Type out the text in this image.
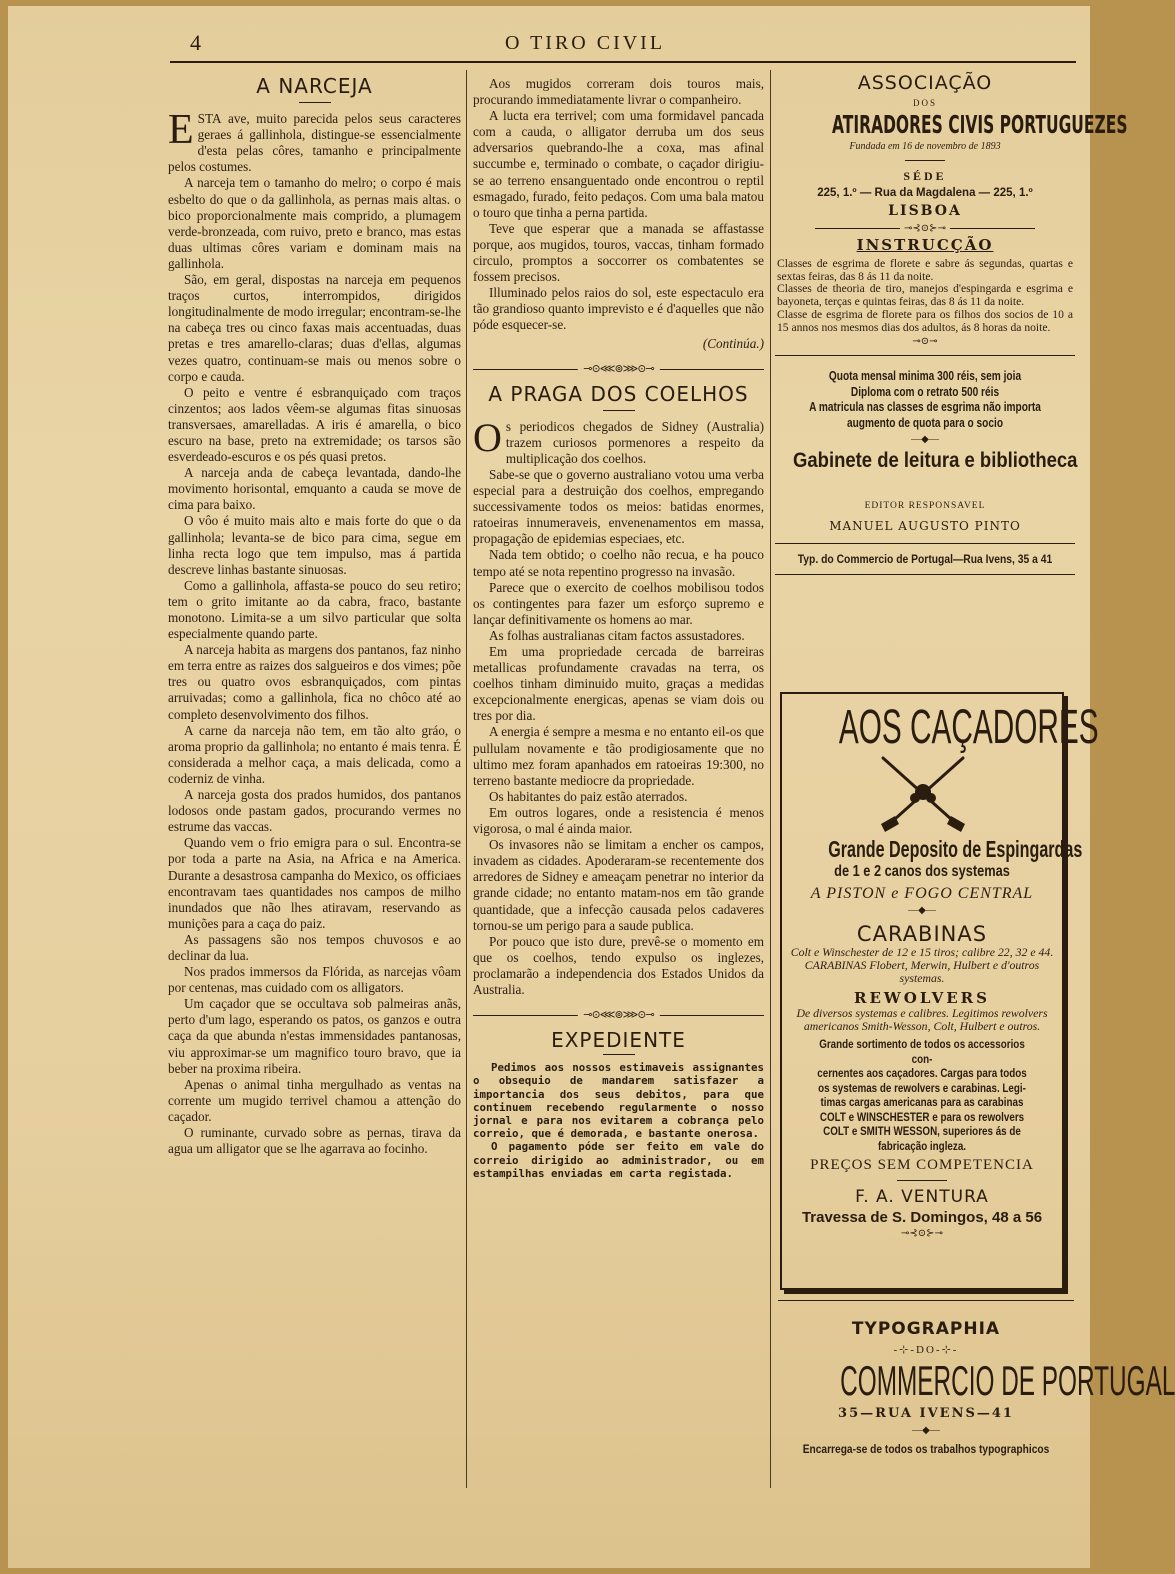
4	O TIRO CIVIL
A NARCEJA

ESTA ave, muito parecida pelos seus caracteres geraes á gallinhola, distingue-se essencialmente d'esta pelas côres, tamanho e principalmente pelos costumes.

A narceja tem o tamanho do melro; o corpo é mais esbelto do que o da gallinhola, as pernas mais altas. o bico proporcionalmente mais comprido, a plumagem verde-bronzeada, com ruivo, preto e branco, mas estas duas ultimas côres variam e dominam mais na gallinhola.

São, em geral, dispostas na narceja em pequenos traços curtos, interrompidos, dirigidos longitudinalmente de modo irregular; encontram-se-lhe na cabeça tres ou cinco faxas mais accentuadas, duas pretas e tres amarello-claras; duas d'ellas, algumas vezes quatro, continuam-se mais ou menos sobre o corpo e cauda.

O peito e ventre é esbranquiçado com traços cinzentos; aos lados vêem-se algumas fitas sinuosas transversaes, amarelladas. A iris é amarella, o bico escuro na base, preto na extremidade; os tarsos são esverdeado-escuros e os pés quasi pretos.

A narceja anda de cabeça levantada, dando-lhe movimento horisontal, emquanto a cauda se move de cima para baixo.

O vôo é muito mais alto e mais forte do que o da gallinhola; levanta-se de bico para cima, segue em linha recta logo que tem impulso, mas á partida descreve linhas bastante sinuosas.

Como a gallinhola, affasta-se pouco do seu retiro; tem o grito imitante ao da cabra, fraco, bastante monotono. Limita-se a um silvo particular que solta especialmente quando parte.

A narceja habita as margens dos pantanos, faz ninho em terra entre as raizes dos salgueiros e dos vimes; põe tres ou quatro ovos esbranquiçados, com pintas arruivadas; como a gallinhola, fica no chôco até ao completo desenvolvimento dos filhos.

A carne da narceja não tem, em tão alto gráo, o aroma proprio da gallinhola; no entanto é mais tenra. É considerada a melhor caça, a mais delicada, como a coderniz de vinha.

A narceja gosta dos prados humidos, dos pantanos lodosos onde pastam gados, procurando vermes no estrume das vaccas.

Quando vem o frio emigra para o sul. Encontra-se por toda a parte na Asia, na Africa e na America. Durante a desastrosa campanha do Mexico, os officiaes encontravam taes quantidades nos campos de milho inundados que não lhes atiravam, reservando as munições para a caça do paiz.

As passagens são nos tempos chuvosos e ao declinar da lua.

Nos prados immersos da Flórida, as narcejas vôam por centenas, mas cuidado com os alligators.

Um caçador que se occultava sob palmeiras anãs, perto d'um lago, esperando os patos, os ganzos e outra caça da que abunda n'estas immensidades pantanosas, viu approximar-se um magnifico touro bravo, que ia beber na proxima ribeira.

Apenas o animal tinha mergulhado as ventas na corrente um mugido terrivel chamou a attenção do caçador.

O ruminante, curvado sobre as pernas, tirava da agua um alligator que se lhe agarrava ao focinho.

Aos mugidos correram dois touros mais, procurando immediatamente livrar o companheiro.

A lucta era terrivel; com uma formidavel pancada com a cauda, o alligator derruba um dos seus adversarios quebrando-lhe a coxa, mas afinal succumbe e, terminado o combate, o caçador dirigiu-se ao terreno ensanguentado onde encontrou o reptil esmagado, furado, feito pedaços. Com uma bala matou o touro que tinha a perna partida.

Teve que esperar que a manada se affastasse porque, aos mugidos, touros, vaccas, tinham formado circulo, promptos a soccorrer os combatentes se fossem precisos.

Illuminado pelos raios do sol, este espectaculo era tão grandioso quanto imprevisto e é d'aquelles que não póde esquecer-se.

(Continúa.)
⊸⊙⋘⊚⋙⊙⊸
A PRAGA DOS COELHOS

Os periodicos chegados de Sidney (Australia) trazem curiosos pormenores a respeito da multiplicação dos coelhos.

Sabe-se que o governo australiano votou uma verba especial para a destruição dos coelhos, empregando successivamente todos os meios: batidas enormes, ratoeiras innumeraveis, envenenamentos em massa, propagação de epidemias especiaes, etc.

Nada tem obtido; o coelho não recua, e ha pouco tempo até se nota repentino progresso na invasão.

Parece que o exercito de coelhos mobilisou todos os contingentes para fazer um esforço supremo e lançar definitivamente os homens ao mar.

As folhas australianas citam factos assustadores.

Em uma propriedade cercada de barreiras metallicas profundamente cravadas na terra, os coelhos tinham diminuido muito, graças a medidas excepcionalmente energicas, apenas se viam dois ou tres por dia.

A energia é sempre a mesma e no entanto eil-os que pullulam novamente e tão prodigiosamente que no ultimo mez foram apanhados em ratoeiras 19:300, no terreno bastante mediocre da propriedade.

Os habitantes do paiz estão aterrados.

Em outros logares, onde a resistencia é menos vigorosa, o mal é ainda maior.

Os invasores não se limitam a encher os campos, invadem as cidades. Apoderaram-se recentemente dos arredores de Sidney e ameaçam penetrar no interior da grande cidade; no entanto matam-nos em tão grande quantidade, que a infecção causada pelos cadaveres tornou-se um perigo para a saude publica.

Por pouco que isto dure, prevê-se o momento em que os coelhos, tendo expulso os inglezes, proclamarão a independencia dos Estados Unidos da Australia.

⊸⊙⋘⊚⋙⊙⊸
EXPEDIENTE

Pedimos aos nossos estimaveis assignantes o obsequio de mandarem satisfazer a importancia dos seus debitos, para que continuem recebendo regularmente o nosso jornal e para nos evitarem a cobrança pelo correio, que é demorada, e bastante onerosa.

O pagamento póde ser feito em vale do correio dirigido ao administrador, ou em estampilhas enviadas em carta registada.

ASSOCIAÇÃO
DOS
ATIRADORES CIVIS PORTUGUEZES
Fundada em 16 de novembro de 1893
SÉDE
225, 1.º — Rua da Magdalena — 225, 1.º
LISBOA
⊸⊰⊙⊱⊸
INSTRUCÇÃO

Classes de esgrima de florete e sabre ás segundas, quartas e sextas feiras, das 8 ás 11 da noite.

Classes de theoria de tiro, manejos d'espingarda e esgrima e bayoneta, terças e quintas feiras, das 8 ás 11 da noite.

Classe de esgrima de florete para os filhos dos socios de 10 a 15 annos nos mesmos dias dos adultos, ás 8 horas da noite.

⊸⊙⊸
Quota mensal minima 300 réis, sem joia
Diploma com o retrato 500 réis
A matricula nas classes de esgrima não importa
augmento de quota para o socio
—◆—
Gabinete de leitura e bibliotheca
EDITOR RESPONSAVEL
MANUEL AUGUSTO PINTO
Typ. do Commercio de Portugal—Rua Ivens, 35 a 41
AOS CAÇADORES
Grande Deposito de Espingardas
de 1 e 2 canos dos systemas
A PISTON e FOGO CENTRAL
—◆—
CARABINAS
Colt e Winschester de 12 e 15 tiros; calibre 22, 32 e 44. CARABINAS Flobert, Merwin, Hulbert e d'outros systemas.
REWOLVERS
De diversos systemas e calibres. Legitimos rewolvers americanos Smith-Wesson, Colt, Hulbert e outros.
Grande sortimento de todos os accessorios con-
cernentes aos caçadores. Cargas para todos
os systemas de rewolvers e carabinas. Legi-
timas cargas americanas para as carabinas
COLT e WINSCHESTER e para os rewolvers
COLT e SMITH WESSON, superiores ás de
fabricação ingleza.
PREÇOS SEM COMPETENCIA
F. A. VENTURA
Travessa de S. Domingos, 48 a 56
⊸⊰⊙⊱⊸
TYPOGRAPHIA
-⊹-DO-⊹-
COMMERCIO DE PORTUGAL
35—RUA IVENS—41
—◆—
Encarrega-se de todos os trabalhos typographicos
